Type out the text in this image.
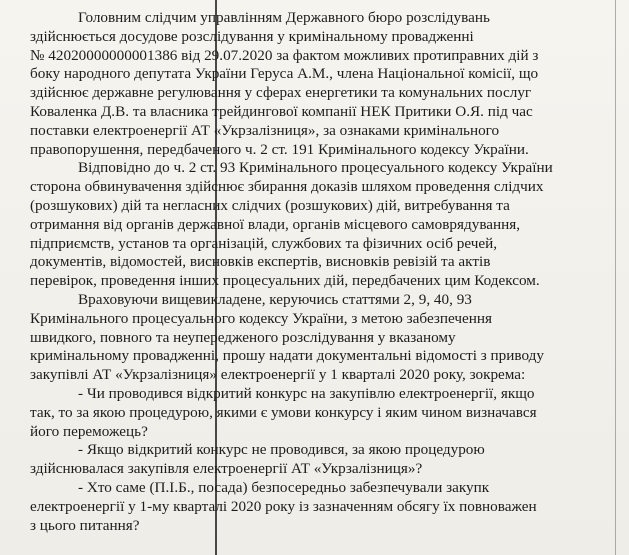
Головним слідчим управлінням Державного бюро розслідувань
здійснюється досудове розслідування у кримінальному провадженні
№ 42020000000001386 від 29.07.2020 за фактом можливих протиправних дій з
боку народного депутата України Геруса А.М., члена Національної комісії, що
здійснює державне регулювання у сферах енергетики та комунальних послуг
Коваленка Д.В. та власника трейдингової компанії НЕК Притики О.Я. під час
поставки електроенергії АТ «Укрзалізниця», за ознаками кримінального
правопорушення, передбаченого ч. 2 ст. 191 Кримінального кодексу України.

Відповідно до ч. 2 ст. 93 Кримінального процесуального кодексу України
сторона обвинувачення здійснює збирання доказів шляхом проведення слідчих
(розшукових) дій та негласних слідчих (розшукових) дій, витребування та
отримання від органів державної влади, органів місцевого самоврядування,
підприємств, установ та організацій, службових та фізичних осіб речей,
документів, відомостей, висновків експертів, висновків ревізій та актів
перевірок, проведення інших процесуальних дій, передбачених цим Кодексом.

Враховуючи вищевикладене, керуючись статтями 2, 9, 40, 93
Кримінального процесуального кодексу України, з метою забезпечення
швидкого, повного та неупередженого розслідування у вказаному
кримінальному провадженні, прошу надати документальні відомості з приводу
закупівлі АТ «Укрзалізниця» електроенергії у 1 кварталі 2020 року, зокрема:

- Чи проводився відкритий конкурс на закупівлю електроенергії, якщо
так, то за якою процедурою, якими є умови конкурсу і яким чином визначався
його переможець?

- Якщо відкритий конкурс не проводився, за якою процедурою
здійснювалася закупівля електроенергії АТ «Укрзалізниця»?

- Хто саме (П.І.Б., посада) безпосередньо забезпечували закупк
електроенергії у 1-му кварталі 2020 року із зазначенням обсягу їх повноважен
з цього питання?
